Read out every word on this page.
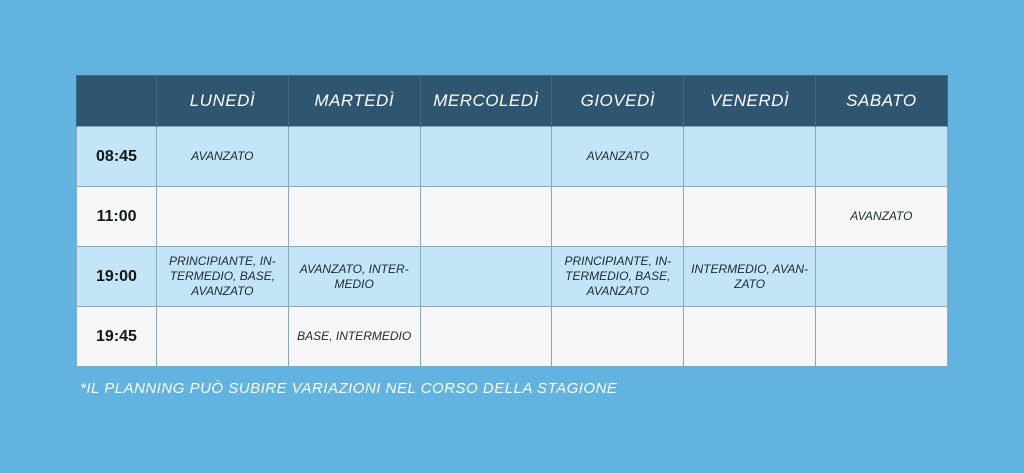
	LUNEDÌ	MARTEDÌ	MERCOLEDÌ	GIOVEDÌ	VENERDÌ	SABATO
08:45	AVANZATO			AVANZATO		
11:00						AVANZATO
19:00	PRINCIPIANTE, IN-TERMEDIO, BASE, AVANZATO	AVANZATO, INTER-MEDIO		PRINCIPIANTE, IN-TERMEDIO, BASE, AVANZATO	INTERMEDIO, AVAN-ZATO	
19:45		BASE, INTERMEDIO				
*IL PLANNING PUÒ SUBIRE VARIAZIONI NEL CORSO DELLA STAGIONE
